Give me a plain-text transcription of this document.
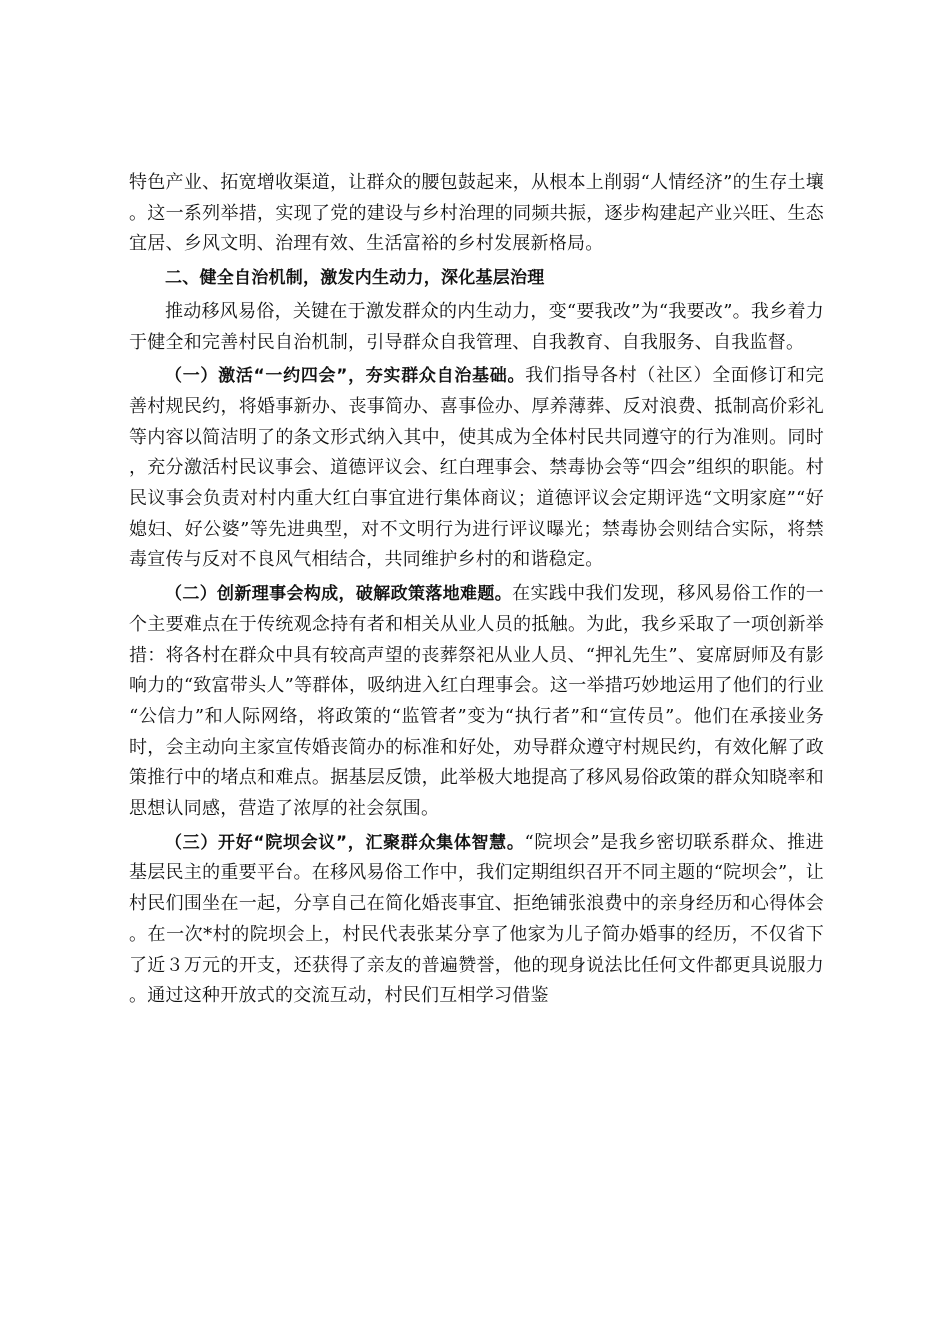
特色产业、拓宽增收渠道，让群众的腰包鼓起来，从根本上削弱“人情经济”的生存土壤。这一系列举措，实现了党的建设与乡村治理的同频共振，逐步构建起产业兴旺、生态宜居、乡风文明、治理有效、生活富裕的乡村发展新格局。

二、健全自治机制，激发内生动力，深化基层治理

推动移风易俗，关键在于激发群众的内生动力，变“要我改”为“我要改”。我乡着力于健全和完善村民自治机制，引导群众自我管理、自我教育、自我服务、自我监督。

（一）激活“一约四会”，夯实群众自治基础。我们指导各村（社区）全面修订和完善村规民约，将婚事新办、丧事简办、喜事俭办、厚养薄葬、反对浪费、抵制高价彩礼等内容以简洁明了的条文形式纳入其中，使其成为全体村民共同遵守的行为准则。同时，充分激活村民议事会、道德评议会、红白理事会、禁毒协会等“四会”组织的职能。村民议事会负责对村内重大红白事宜进行集体商议；道德评议会定期评选“文明家庭”“好媳妇、好公婆”等先进典型，对不文明行为进行评议曝光；禁毒协会则结合实际，将禁毒宣传与反对不良风气相结合，共同维护乡村的和谐稳定。

（二）创新理事会构成，破解政策落地难题。在实践中我们发现，移风易俗工作的一个主要难点在于传统观念持有者和相关从业人员的抵触。为此，我乡采取了一项创新举措：将各村在群众中具有较高声望的丧葬祭祀从业人员、“押礼先生”、宴席厨师及有影响力的“致富带头人”等群体，吸纳进入红白理事会。这一举措巧妙地运用了他们的行业“公信力”和人际网络，将政策的“监管者”变为“执行者”和“宣传员”。他们在承接业务时，会主动向主家宣传婚丧简办的标准和好处，劝导群众遵守村规民约，有效化解了政策推行中的堵点和难点。据基层反馈，此举极大地提高了移风易俗政策的群众知晓率和思想认同感，营造了浓厚的社会氛围。

（三）开好“院坝会议”，汇聚群众集体智慧。“院坝会”是我乡密切联系群众、推进基层民主的重要平台。在移风易俗工作中，我们定期组织召开不同主题的“院坝会”，让村民们围坐在一起，分享自己在简化婚丧事宜、拒绝铺张浪费中的亲身经历和心得体会。在一次*村的院坝会上，村民代表张某分享了他家为儿子简办婚事的经历，不仅省下了近３万元的开支，还获得了亲友的普遍赞誉，他的现身说法比任何文件都更具说服力。通过这种开放式的交流互动，村民们互相学习借鉴
